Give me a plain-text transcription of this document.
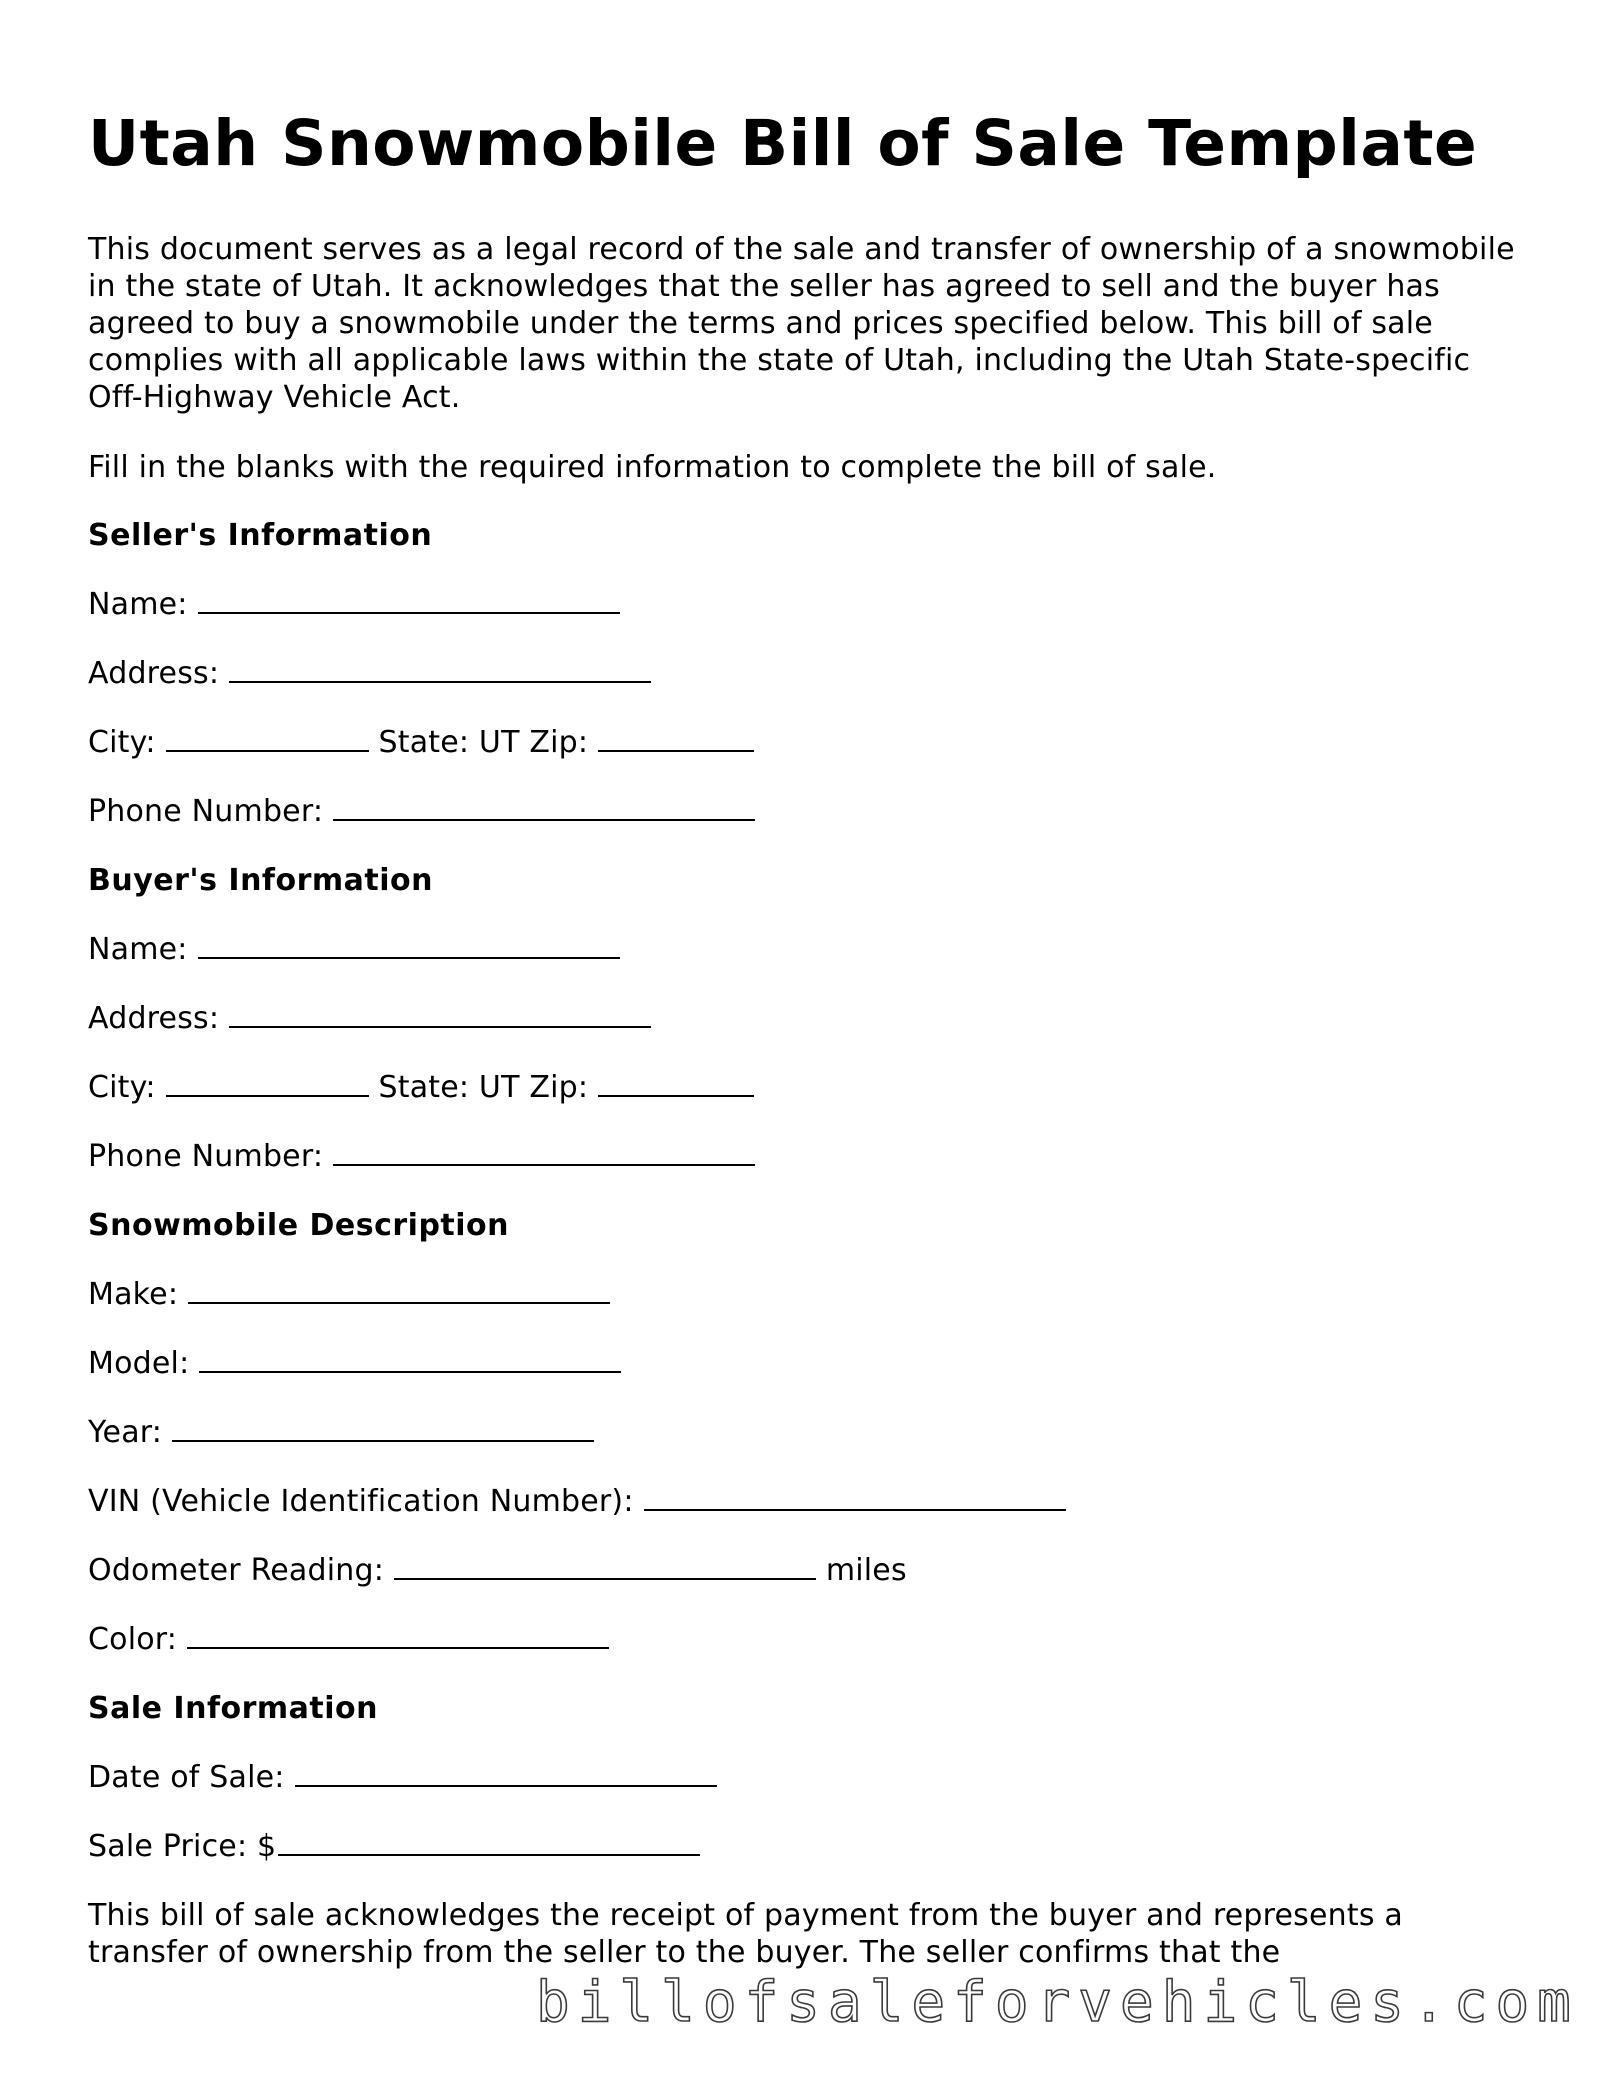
Utah Snowmobile Bill of Sale Template

This document serves as a legal record of the sale and transfer of ownership of a snowmobile in the state of Utah. It acknowledges that the seller has agreed to sell and the buyer has agreed to buy a snowmobile under the terms and prices specified below. This bill of sale complies with all applicable laws within the state of Utah, including the Utah State-specific Off-Highway Vehicle Act.

Fill in the blanks with the required information to complete the bill of sale.

Seller's Information

Name:

Address:

City:	State: UT Zip:

Phone Number:

Buyer's Information

Name:

Address:

City:	State: UT Zip:

Phone Number:

Snowmobile Description

Make:

Model:

Year:

VIN (Vehicle Identification Number):

Odometer Reading:	miles

Color:

Sale Information

Date of Sale:

Sale Price: $

This bill of sale acknowledges the receipt of payment from the buyer and represents a transfer of ownership from the seller to the buyer. The seller confirms that the

billofsaleforvehicles.com
